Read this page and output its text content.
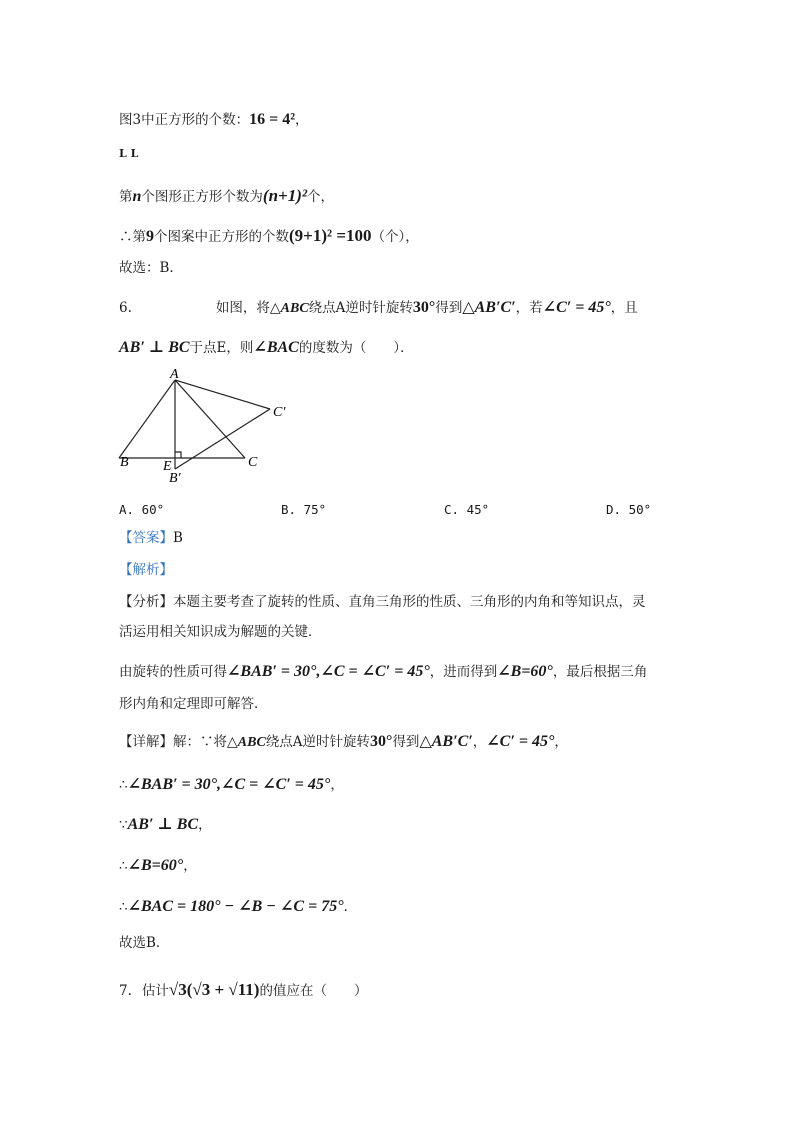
图3中正方形的个数：16 = 4²，
L L
第n个图形正方形个数为(n+1)²个，
∴第9个图案中正方形的个数(9+1)² =100（个），
故选：B．
6.	如图，将△ABC绕点A逆时针旋转30°得到△AB′C′，若∠C′ = 45°，且
AB′ ⊥ BC于点E，则∠BAC的度数为（　　）．
A
B	C
E
B′
C′
A. 60°	B. 75°	C. 45°	D. 50°
【答案】B
【解析】
【分析】本题主要考查了旋转的性质、直角三角形的性质、三角形的内角和等知识点，灵
活运用相关知识成为解题的关键．
由旋转的性质可得∠BAB′ = 30°,∠C = ∠C′ = 45°，进而得到∠B=60°，最后根据三角
形内角和定理即可解答．
【详解】解：∵将△ABC绕点A逆时针旋转30°得到△AB′C′，∠C′ = 45°，
∴∠BAB′ = 30°,∠C = ∠C′ = 45°，
∵AB′ ⊥ BC，
∴∠B=60°，
∴∠BAC = 180° − ∠B − ∠C = 75°．
故选B．
7. 估计√3(√3 + √11)的值应在（　　）
